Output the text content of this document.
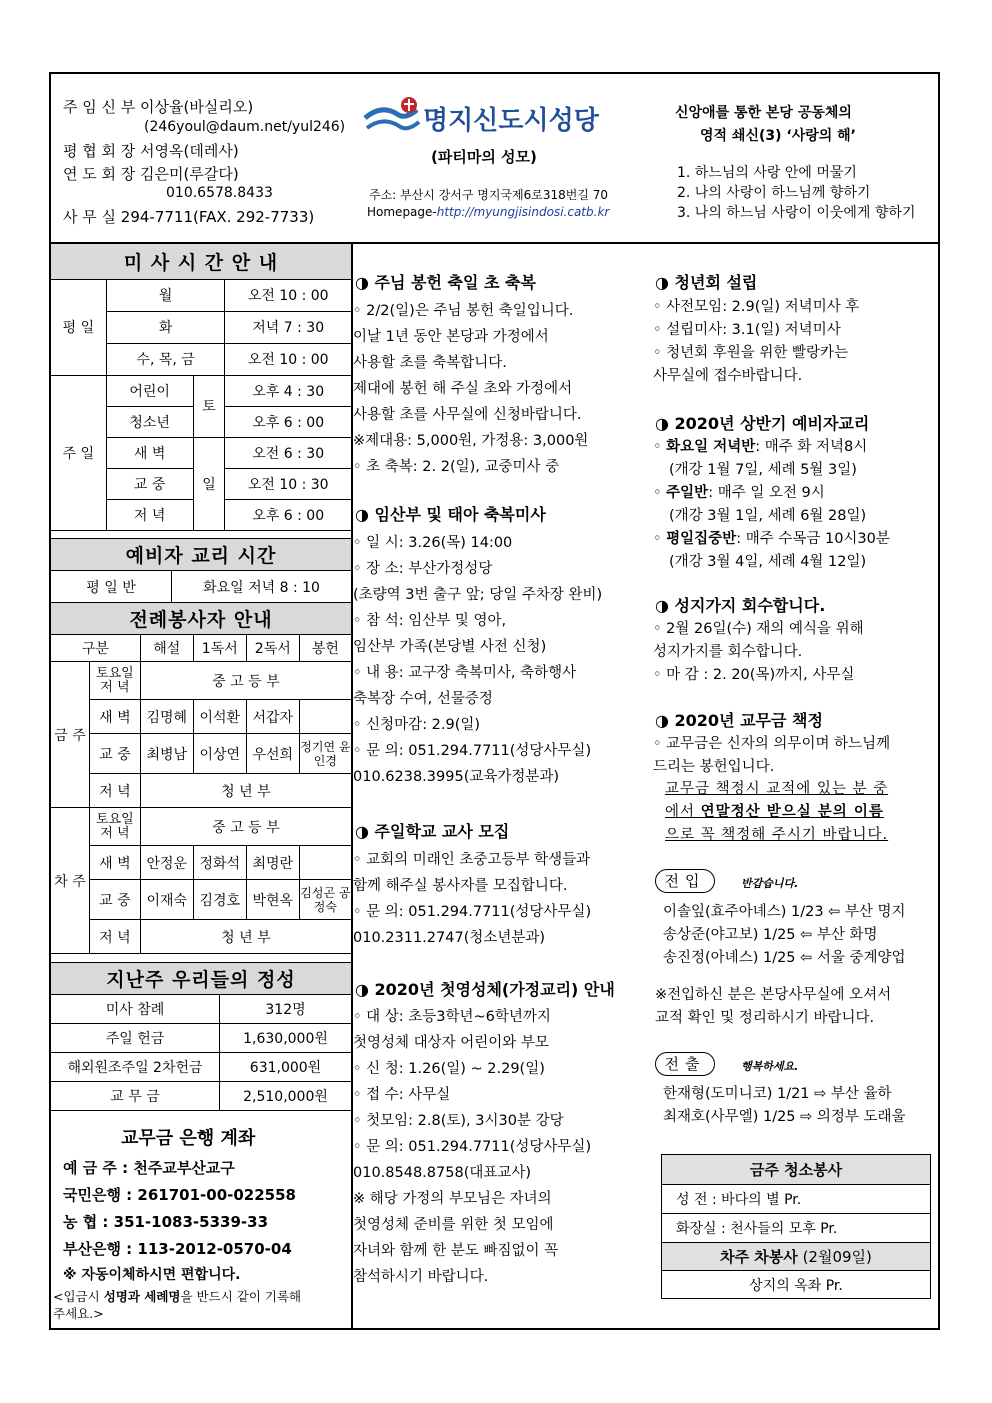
주 임 신 부 이상율(바실리오)
(246youl@daum.net/yul246)
평 협 회 장 서영옥(데레사)
연 도 회 장 김은미(루갈다)
010.6578.8433
사 무 실 294-7711(FAX. 292-7733)
명지신도시성당
(파티마의 성모)
주소: 부산시 강서구 명지국제6로318번길 70
Homepage-http://myungjisindosi.catb.kr
신앙애를 통한 본당 공동체의
영적 쇄신(3) ‘사랑의 해’
1. 하느님의 사랑 안에 머물기
2. 나의 사랑이 하느님께 향하기
3. 나의 하느님 사랑이 이웃에게 향하기
미 사 시 간 안 내			
평 일	월		오전 10 : 00
	화		저녁 7 : 30
	수, 목, 금		오전 10 : 00
주 일	어린이	토	오후 4 : 30
	청소년		오후 6 : 00
	새 벽	일	오전 6 : 30
	교 중		오전 10 : 30
	저 녁		오후 6 : 00
예비자 교리 시간
평 일 반	화요일 저녁 8 : 10
전례봉사자 안내					
구분		해설	1독서	2독서	봉헌
금 주	토요일 저 녁	중 고 등 부			
	새 벽	김명혜	이석환	서갑자	
	교 중	최병남	이상연	우선희	정기연 윤인경
	저 녁	청 년 부			
차 주	토요일 저 녁	중 고 등 부			
	새 벽	안정운	정화석	최명란	
	교 중	이재숙	김경호	박현옥	김성곤 공정숙
	저 녁	청 년 부			
지난주 우리들의 정성	
미사 참례	312명
주일 헌금	1,630,000원
해외원조주일 2차헌금	631,000원
교 무 금	2,510,000원
교무금 은행 계좌
예 금 주 : 천주교부산교구
국민은행 : 261701-00-022558
농 협 : 351-1083-5339-33
부산은행 : 113-2012-0570-04
※ 자동이체하시면 편합니다.
<입금시 성명과 세례명을 반드시 같이 기록해
주세요.>
◑ 주님 봉헌 축일 초 축복
◦ 2/2(일)은 주님 봉헌 축일입니다.
이날 1년 동안 본당과 가정에서
사용할 초를 축복합니다.
제대에 봉헌 해 주실 초와 가정에서
사용할 초를 사무실에 신청바랍니다.
※제대용: 5,000원, 가정용: 3,000원
◦ 초 축복: 2. 2(일), 교중미사 중
◑ 임산부 및 태아 축복미사
◦ 일 시: 3.26(목) 14:00
◦ 장 소: 부산가정성당
(초량역 3번 출구 앞; 당일 주차장 완비)
◦ 참 석: 임산부 및 영아,
임산부 가족(본당별 사전 신청)
◦ 내 용: 교구장 축복미사, 축하행사
축복장 수여, 선물증정
◦ 신청마감: 2.9(일)
◦ 문 의: 051.294.7711(성당사무실)
010.6238.3995(교육가정분과)
◑ 주일학교 교사 모집
◦ 교회의 미래인 초중고등부 학생들과
함께 해주실 봉사자를 모집합니다.
◦ 문 의: 051.294.7711(성당사무실)
010.2311.2747(청소년분과)
◑ 2020년 첫영성체(가정교리) 안내
◦ 대 상: 초등3학년~6학년까지
첫영성체 대상자 어린이와 부모
◦ 신 청: 1.26(일) ~ 2.29(일)
◦ 접 수: 사무실
◦ 첫모임: 2.8(토), 3시30분 강당
◦ 문 의: 051.294.7711(성당사무실)
010.8548.8758(대표교사)
※ 해당 가정의 부모님은 자녀의
첫영성체 준비를 위한 첫 모임에
자녀와 함께 한 분도 빠짐없이 꼭
참석하시기 바랍니다.
◑ 청년회 설립
◦ 사전모임: 2.9(일) 저녁미사 후
◦ 설립미사: 3.1(일) 저녁미사
◦ 청년회 후원을 위한 빨랑카는
사무실에 접수바랍니다.
◑ 2020년 상반기 예비자교리
◦ 화요일 저녁반: 매주 화 저녁8시
(개강 1월 7일, 세례 5월 3일)
◦ 주일반: 매주 일 오전 9시
(개강 3월 1일, 세례 6월 28일)
◦ 평일집중반: 매주 수목금 10시30분
(개강 3월 4일, 세례 4월 12일)
◑ 성지가지 회수합니다.
◦ 2월 26일(수) 재의 예식을 위해
성지가지를 회수합니다.
◦ 마 감 : 2. 20(목)까지, 사무실
◑ 2020년 교무금 책정
◦ 교무금은 신자의 의무이며 하느님께
드리는 봉헌입니다.
교무금 책정시 교적에 있는 분 중
에서 연말정산 받으실 분의 이름
으로 꼭 책정해 주시기 바랍니다.
전입	반갑습니다.
이솔잎(효주아녜스) 1/23 ⇦ 부산 명지
송상준(야고보) 1/25 ⇦ 부산 화명
송진정(아녜스) 1/25 ⇦ 서울 중계양업
※전입하신 분은 본당사무실에 오셔서
교적 확인 및 정리하시기 바랍니다.
전출	행복하세요.
한재형(도미니코) 1/21 ⇨ 부산 율하
최재호(사무엘) 1/25 ⇨ 의정부 도래울
금주 청소봉사
성 전 : 바다의 별 Pr.
화장실 : 천사들의 모후 Pr.
차주 차봉사 (2월09일)
상지의 옥좌 Pr.
